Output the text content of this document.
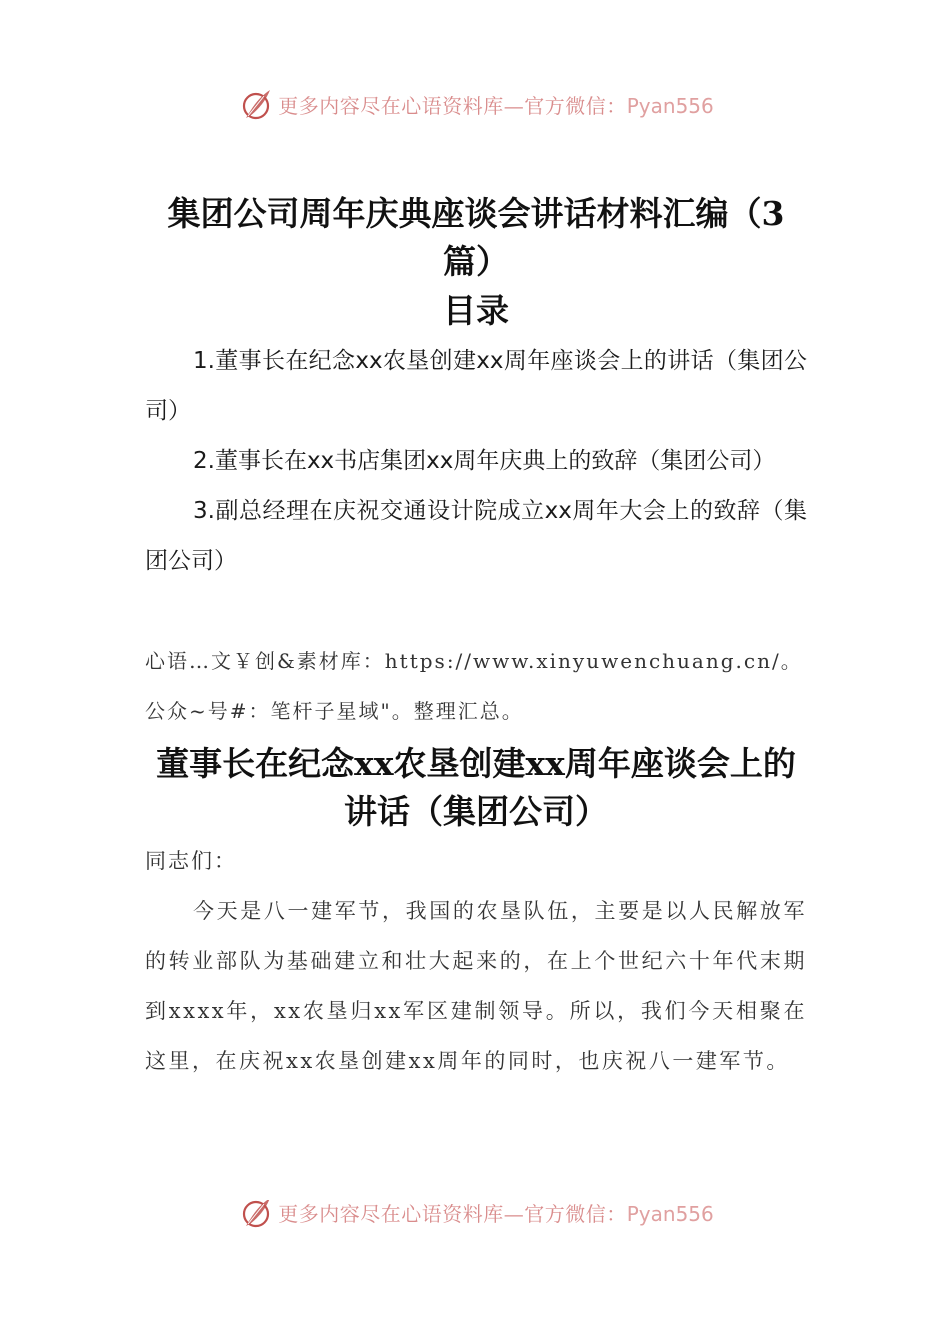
更多内容尽在心语资料库—官方微信：Pyan556
集团公司周年庆典座谈会讲话材料汇编（3篇）
目录

1.董事长在纪念xx农垦创建xx周年座谈会上的讲话（集团公司）

2.董事长在xx书店集团xx周年庆典上的致辞（集团公司）

3.副总经理在庆祝交通设计院成立xx周年大会上的致辞（集团公司）

心语…文￥创&素材库：https://www.xinyuwenchuang.cn/。

公众~号#：笔杆子星域"。整理汇总。

董事长在纪念xx农垦创建xx周年座谈会上的讲话（集团公司）

同志们：

今天是八一建军节，我国的农垦队伍，主要是以人民解放军的转业部队为基础建立和壮大起来的，在上个世纪六十年代末期到xxxx年，xx农垦归xx军区建制领导。所以，我们今天相聚在这里，在庆祝xx农垦创建xx周年的同时，也庆祝八一建军节。

更多内容尽在心语资料库—官方微信：Pyan556
